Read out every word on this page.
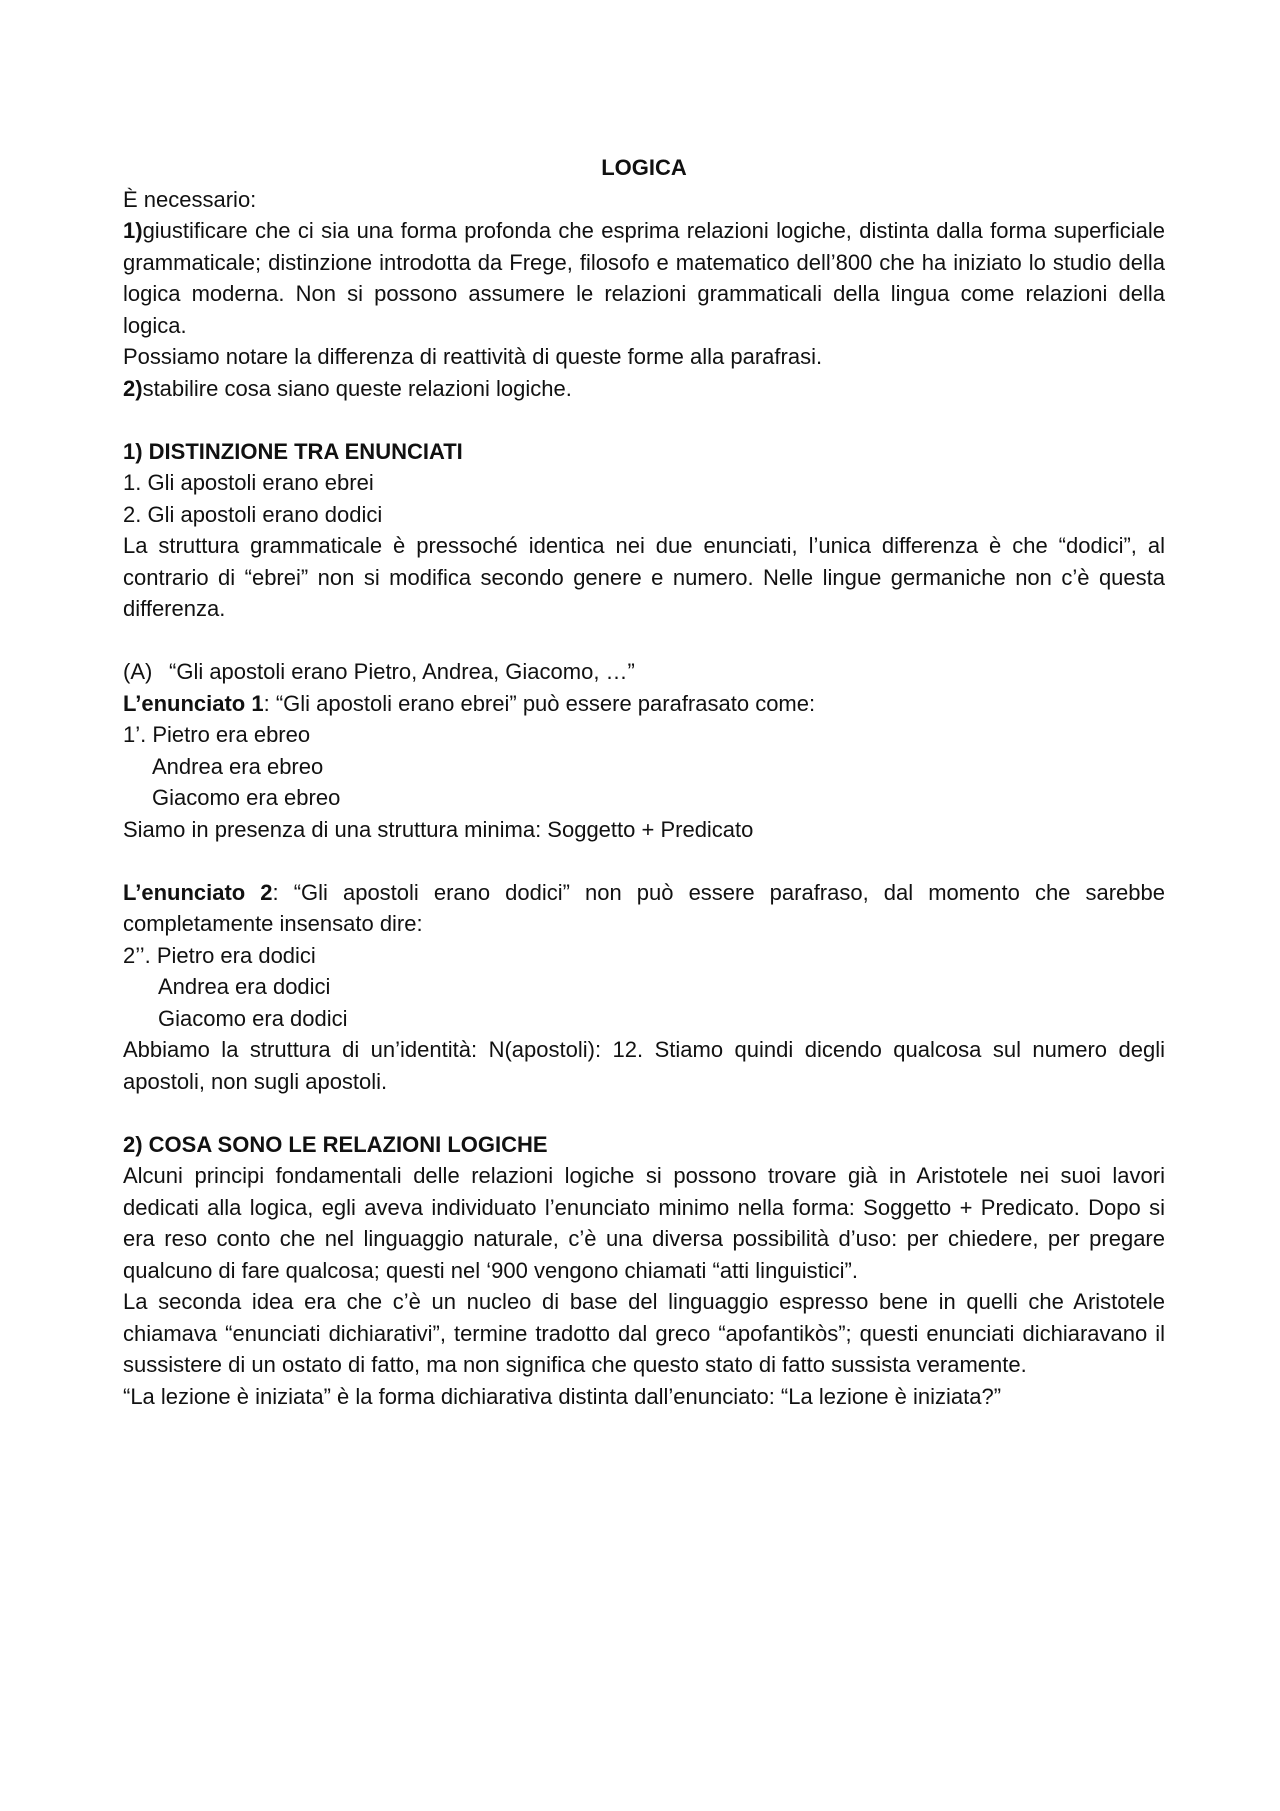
LOGICA

È necessario:

1)giustificare che ci sia una forma profonda che esprima relazioni logiche, distinta dalla forma superficiale grammaticale; distinzione introdotta da Frege, filosofo e matematico dell’800 che ha iniziato lo studio della logica moderna. Non si possono assumere le relazioni grammaticali della lingua come relazioni della logica.

Possiamo notare la differenza di reattività di queste forme alla parafrasi.

2)stabilire cosa siano queste relazioni logiche.

1) DISTINZIONE TRA ENUNCIATI

1. Gli apostoli erano ebrei

2. Gli apostoli erano dodici

La struttura grammaticale è pressoché identica nei due enunciati, l’unica differenza è che “dodici”, al contrario di “ebrei” non si modifica secondo genere e numero. Nelle lingue germaniche non c’è questa differenza.

(A) “Gli apostoli erano Pietro, Andrea, Giacomo, …”

L’enunciato 1: “Gli apostoli erano ebrei” può essere parafrasato come:

1’. Pietro era ebreo

Andrea era ebreo

Giacomo era ebreo

Siamo in presenza di una struttura minima: Soggetto + Predicato

L’enunciato 2: “Gli apostoli erano dodici” non può essere parafraso, dal momento che sarebbe completamente insensato dire:

2’’. Pietro era dodici

Andrea era dodici

Giacomo era dodici

Abbiamo la struttura di un’identità: N(apostoli): 12. Stiamo quindi dicendo qualcosa sul numero degli apostoli, non sugli apostoli.

2) COSA SONO LE RELAZIONI LOGICHE

Alcuni principi fondamentali delle relazioni logiche si possono trovare già in Aristotele nei suoi lavori dedicati alla logica, egli aveva individuato l’enunciato minimo nella forma: Soggetto + Predicato. Dopo si era reso conto che nel linguaggio naturale, c’è una diversa possibilità d’uso: per chiedere, per pregare qualcuno di fare qualcosa; questi nel ‘900 vengono chiamati “atti linguistici”.

La seconda idea era che c’è un nucleo di base del linguaggio espresso bene in quelli che Aristotele chiamava “enunciati dichiarativi”, termine tradotto dal greco “apofantikòs”; questi enunciati dichiaravano il sussistere di un ostato di fatto, ma non significa che questo stato di fatto sussista veramente.

“La lezione è iniziata” è la forma dichiarativa distinta dall’enunciato: “La lezione è iniziata?”
